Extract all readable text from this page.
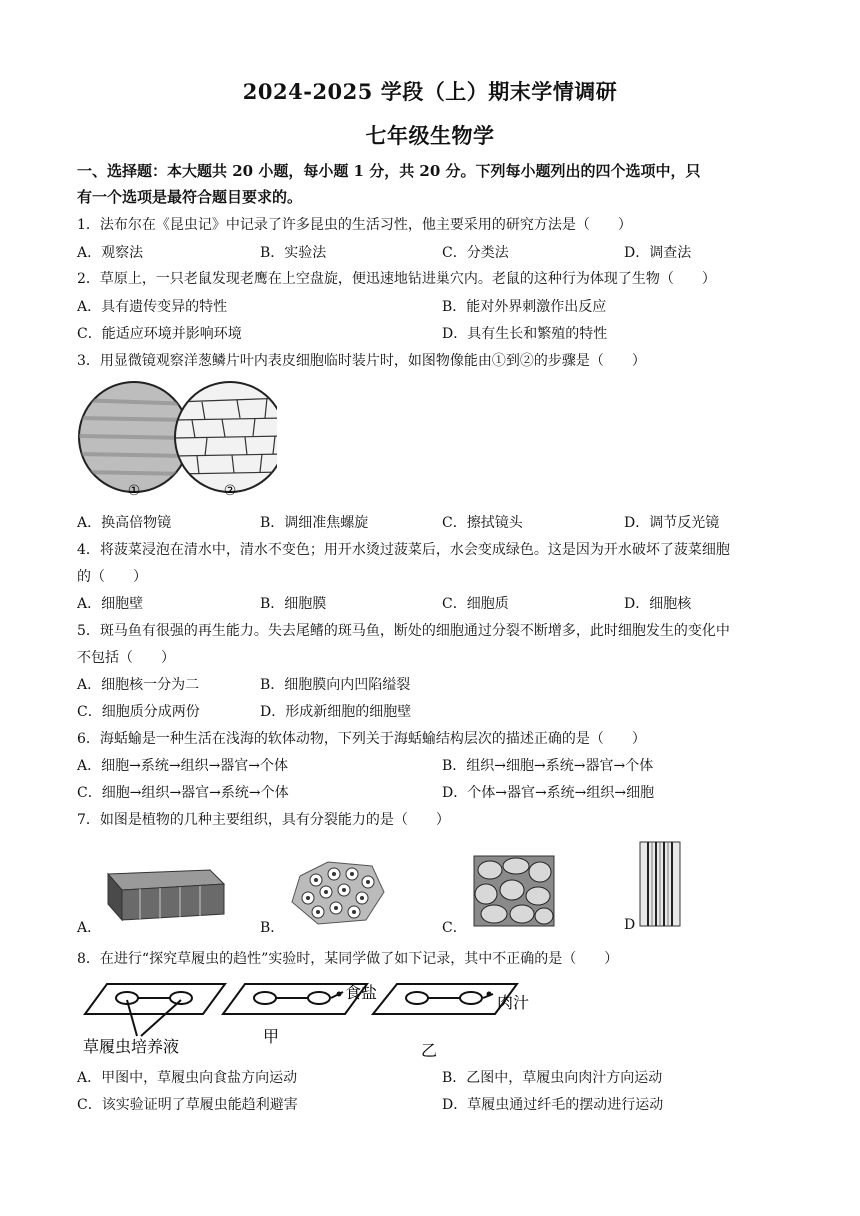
2024-2025 学段（上）期末学情调研
七年级生物学
一、选择题：本大题共 20 小题，每小题 1 分，共 20 分。下列每小题列出的四个选项中，只
有一个选项是最符合题目要求的。
1．法布尔在《昆虫记》中记录了许多昆虫的生活习性，他主要采用的研究方法是（　　）
A．观察法	B．实验法	C．分类法	D．调查法
2．草原上，一只老鼠发现老鹰在上空盘旋，便迅速地钻进巢穴内。老鼠的这种行为体现了生物（　　）
A．具有遗传变异的特性	B．能对外界刺激作出反应
C．能适应环境并影响环境	D．具有生长和繁殖的特性
3．用显微镜观察洋葱鳞片叶内表皮细胞临时装片时，如图物像能由①到②的步骤是（　　）
①	②
A．换高倍物镜	B．调细准焦螺旋	C．擦拭镜头	D．调节反光镜
4．将菠菜浸泡在清水中，清水不变色；用开水烫过菠菜后，水会变成绿色。这是因为开水破坏了菠菜细胞
的（　　）
A．细胞壁	B．细胞膜	C．细胞质	D．细胞核
5．斑马鱼有很强的再生能力。失去尾鳍的斑马鱼，断处的细胞通过分裂不断增多，此时细胞发生的变化中
不包括（　　）
A．细胞核一分为二	B．细胞膜向内凹陷缢裂
C．细胞质分成两份	D．形成新细胞的细胞壁
6．海蛞蝓是一种生活在浅海的软体动物，下列关于海蛞蝓结构层次的描述正确的是（　　）
A．细胞→系统→组织→器官→个体	B．组织→细胞→系统→器官→个体
C．细胞→组织→器官→系统→个体	D．个体→器官→系统→组织→细胞
7．如图是植物的几种主要组织，具有分裂能力的是（　　）
A．	B．	C．	D
8．在进行“探究草履虫的趋性”实验时，某同学做了如下记录，其中不正确的是（　　）
食盐
肉汁
草履虫培养液
甲
乙
A．甲图中，草履虫向食盐方向运动	B．乙图中，草履虫向肉汁方向运动
C．该实验证明了草履虫能趋利避害	D．草履虫通过纤毛的摆动进行运动
